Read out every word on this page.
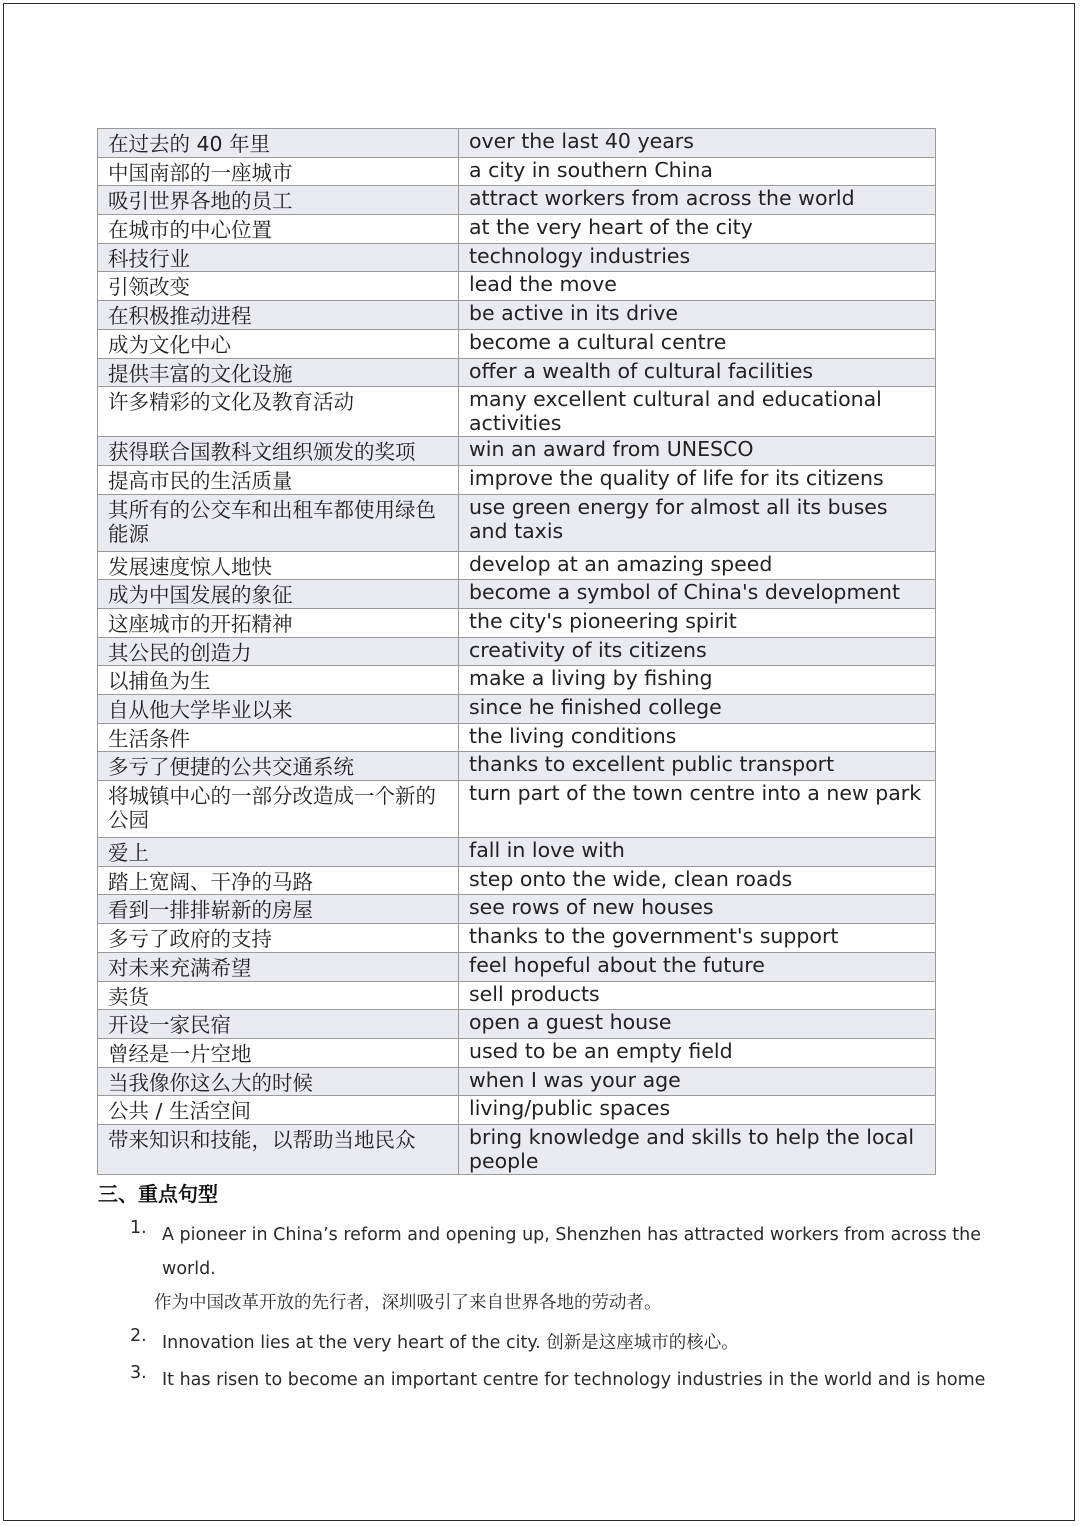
在过去的 40 年里	over the last 40 years
中国南部的一座城市	a city in southern China
吸引世界各地的员工	attract workers from across the world
在城市的中心位置	at the very heart of the city
科技行业	technology industries
引领改变	lead the move
在积极推动进程	be active in its drive
成为文化中心	become a cultural centre
提供丰富的文化设施	offer a wealth of cultural facilities
许多精彩的文化及教育活动	many excellent cultural and educational activities
获得联合国教科文组织颁发的奖项	win an award from UNESCO
提高市民的生活质量	improve the quality of life for its citizens
其所有的公交车和出租车都使用绿色能源	use green energy for almost all its buses and taxis
发展速度惊人地快	develop at an amazing speed
成为中国发展的象征	become a symbol of China's development
这座城市的开拓精神	the city's pioneering spirit
其公民的创造力	creativity of its citizens
以捕鱼为生	make a living by fishing
自从他大学毕业以来	since he finished college
生活条件	the living conditions
多亏了便捷的公共交通系统	thanks to excellent public transport
将城镇中心的一部分改造成一个新的公园	turn part of the town centre into a new park
爱上	fall in love with
踏上宽阔、干净的马路	step onto the wide, clean roads
看到一排排崭新的房屋	see rows of new houses
多亏了政府的支持	thanks to the government's support
对未来充满希望	feel hopeful about the future
卖货	sell products
开设一家民宿	open a guest house
曾经是一片空地	used to be an empty field
当我像你这么大的时候	when I was your age
公共 / 生活空间	living/public spaces
带来知识和技能，以帮助当地民众	bring knowledge and skills to help the local people
三、重点句型
1. A pioneer in China’s reform and opening up, Shenzhen has attracted workers from across the world.
作为中国改革开放的先行者，深圳吸引了来自世界各地的劳动者。
2. Innovation lies at the very heart of the city. 创新是这座城市的核心。
3. It has risen to become an important centre for technology industries in the world and is home
